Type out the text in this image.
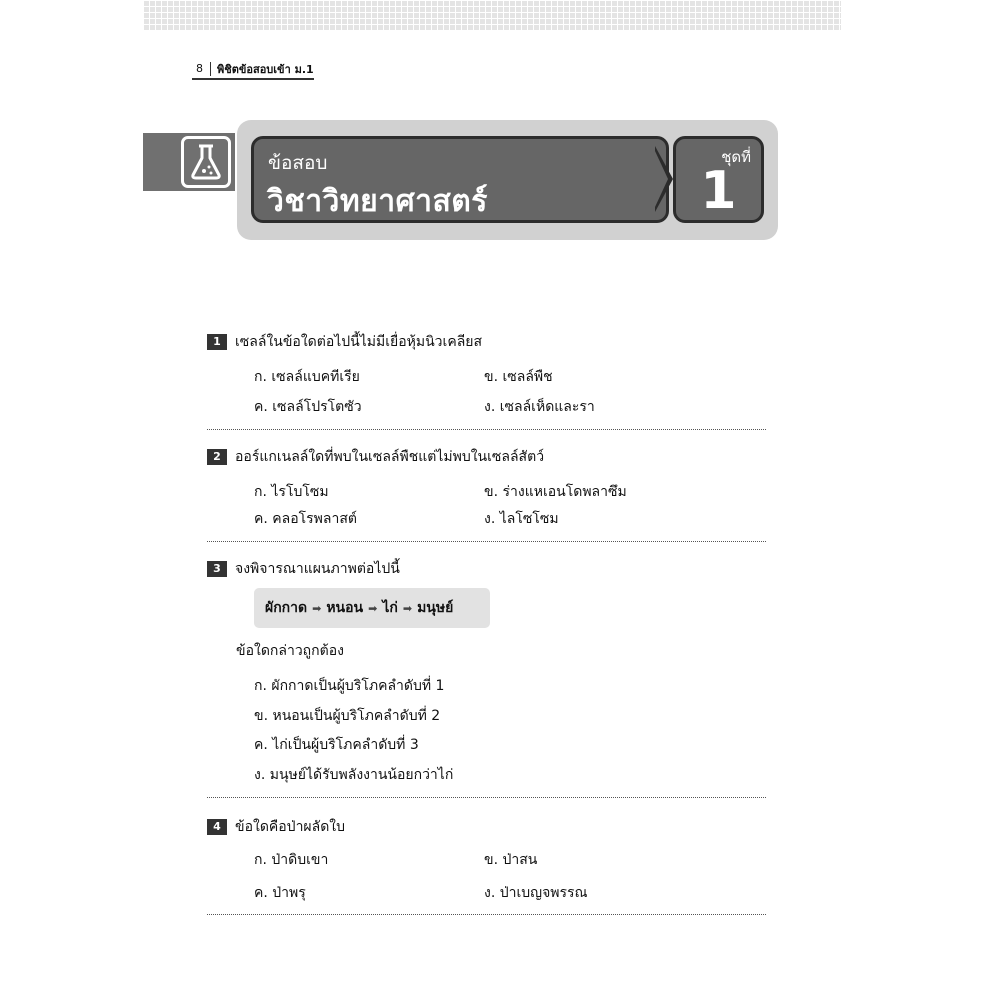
8	พิชิตข้อสอบเข้า ม.1
ข้อสอบ
วิชาวิทยาศาสตร์
ชุดที่
1
1 เซลล์ในข้อใดต่อไปนี้ไม่มีเยื่อหุ้มนิวเคลียส
ก. เซลล์แบคทีเรีย	ข. เซลล์พืช
ค. เซลล์โปรโตซัว	ง. เซลล์เห็ดและรา
2 ออร์แกเนลล์ใดที่พบในเซลล์พืชแต่ไม่พบในเซลล์สัตว์
ก. ไรโบโซม	ข. ร่างแหเอนโดพลาซึม
ค. คลอโรพลาสต์	ง. ไลโซโซม
3 จงพิจารณาแผนภาพต่อไปนี้
ผักกาด ➡ หนอน ➡ ไก่ ➡ มนุษย์
ข้อใดกล่าวถูกต้อง
ก. ผักกาดเป็นผู้บริโภคลำดับที่ 1
ข. หนอนเป็นผู้บริโภคลำดับที่ 2
ค. ไก่เป็นผู้บริโภคลำดับที่ 3
ง. มนุษย์ได้รับพลังงานน้อยกว่าไก่
4 ข้อใดคือป่าผลัดใบ
ก. ป่าดิบเขา	ข. ป่าสน
ค. ป่าพรุ	ง. ป่าเบญจพรรณ
